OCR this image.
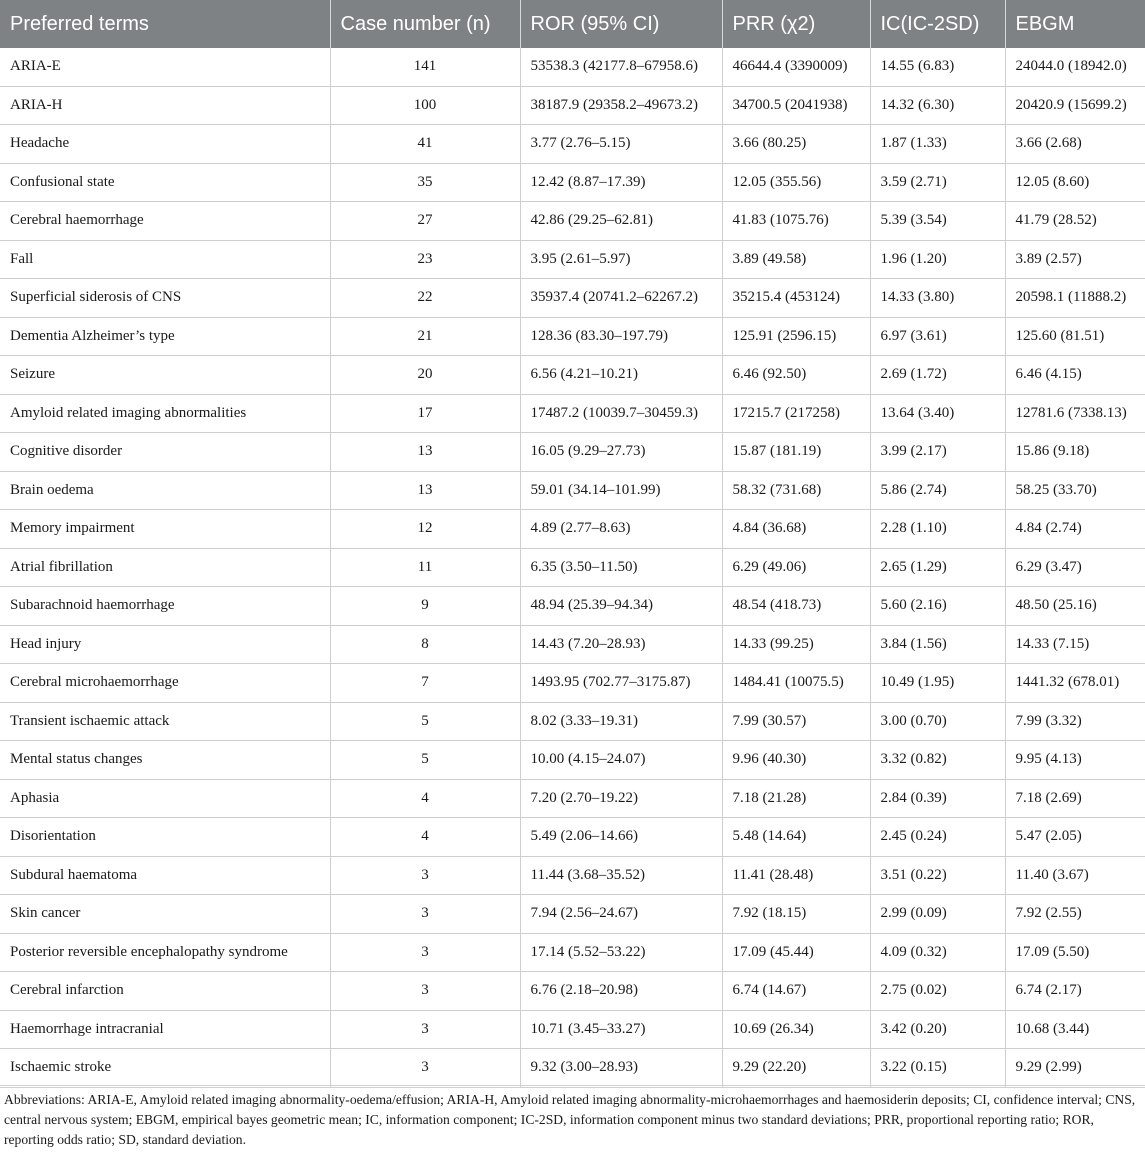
Preferred terms	Case number (n)	ROR (95% CI)	PRR (χ2)	IC(IC-2SD)	EBGM
ARIA-E	141	53538.3 (42177.8–67958.6)	46644.4 (3390009)	14.55 (6.83)	24044.0 (18942.0)
ARIA-H	100	38187.9 (29358.2–49673.2)	34700.5 (2041938)	14.32 (6.30)	20420.9 (15699.2)
Headache	41	3.77 (2.76–5.15)	3.66 (80.25)	1.87 (1.33)	3.66 (2.68)
Confusional state	35	12.42 (8.87–17.39)	12.05 (355.56)	3.59 (2.71)	12.05 (8.60)
Cerebral haemorrhage	27	42.86 (29.25–62.81)	41.83 (1075.76)	5.39 (3.54)	41.79 (28.52)
Fall	23	3.95 (2.61–5.97)	3.89 (49.58)	1.96 (1.20)	3.89 (2.57)
Superficial siderosis of CNS	22	35937.4 (20741.2–62267.2)	35215.4 (453124)	14.33 (3.80)	20598.1 (11888.2)
Dementia Alzheimer’s type	21	128.36 (83.30–197.79)	125.91 (2596.15)	6.97 (3.61)	125.60 (81.51)
Seizure	20	6.56 (4.21–10.21)	6.46 (92.50)	2.69 (1.72)	6.46 (4.15)
Amyloid related imaging abnormalities	17	17487.2 (10039.7–30459.3)	17215.7 (217258)	13.64 (3.40)	12781.6 (7338.13)
Cognitive disorder	13	16.05 (9.29–27.73)	15.87 (181.19)	3.99 (2.17)	15.86 (9.18)
Brain oedema	13	59.01 (34.14–101.99)	58.32 (731.68)	5.86 (2.74)	58.25 (33.70)
Memory impairment	12	4.89 (2.77–8.63)	4.84 (36.68)	2.28 (1.10)	4.84 (2.74)
Atrial fibrillation	11	6.35 (3.50–11.50)	6.29 (49.06)	2.65 (1.29)	6.29 (3.47)
Subarachnoid haemorrhage	9	48.94 (25.39–94.34)	48.54 (418.73)	5.60 (2.16)	48.50 (25.16)
Head injury	8	14.43 (7.20–28.93)	14.33 (99.25)	3.84 (1.56)	14.33 (7.15)
Cerebral microhaemorrhage	7	1493.95 (702.77–3175.87)	1484.41 (10075.5)	10.49 (1.95)	1441.32 (678.01)
Transient ischaemic attack	5	8.02 (3.33–19.31)	7.99 (30.57)	3.00 (0.70)	7.99 (3.32)
Mental status changes	5	10.00 (4.15–24.07)	9.96 (40.30)	3.32 (0.82)	9.95 (4.13)
Aphasia	4	7.20 (2.70–19.22)	7.18 (21.28)	2.84 (0.39)	7.18 (2.69)
Disorientation	4	5.49 (2.06–14.66)	5.48 (14.64)	2.45 (0.24)	5.47 (2.05)
Subdural haematoma	3	11.44 (3.68–35.52)	11.41 (28.48)	3.51 (0.22)	11.40 (3.67)
Skin cancer	3	7.94 (2.56–24.67)	7.92 (18.15)	2.99 (0.09)	7.92 (2.55)
Posterior reversible encephalopathy syndrome	3	17.14 (5.52–53.22)	17.09 (45.44)	4.09 (0.32)	17.09 (5.50)
Cerebral infarction	3	6.76 (2.18–20.98)	6.74 (14.67)	2.75 (0.02)	6.74 (2.17)
Haemorrhage intracranial	3	10.71 (3.45–33.27)	10.69 (26.34)	3.42 (0.20)	10.68 (3.44)
Ischaemic stroke	3	9.32 (3.00–28.93)	9.29 (22.20)	3.22 (0.15)	9.29 (2.99)
Abbreviations: ARIA-E, Amyloid related imaging abnormality-oedema/effusion; ARIA-H, Amyloid related imaging abnormality-microhaemorrhages and haemosiderin deposits; CI, confidence interval; CNS, central nervous system; EBGM, empirical bayes geometric mean; IC, information component; IC-2SD, information component minus two standard deviations; PRR, proportional reporting ratio; ROR, reporting odds ratio; SD, standard deviation.
